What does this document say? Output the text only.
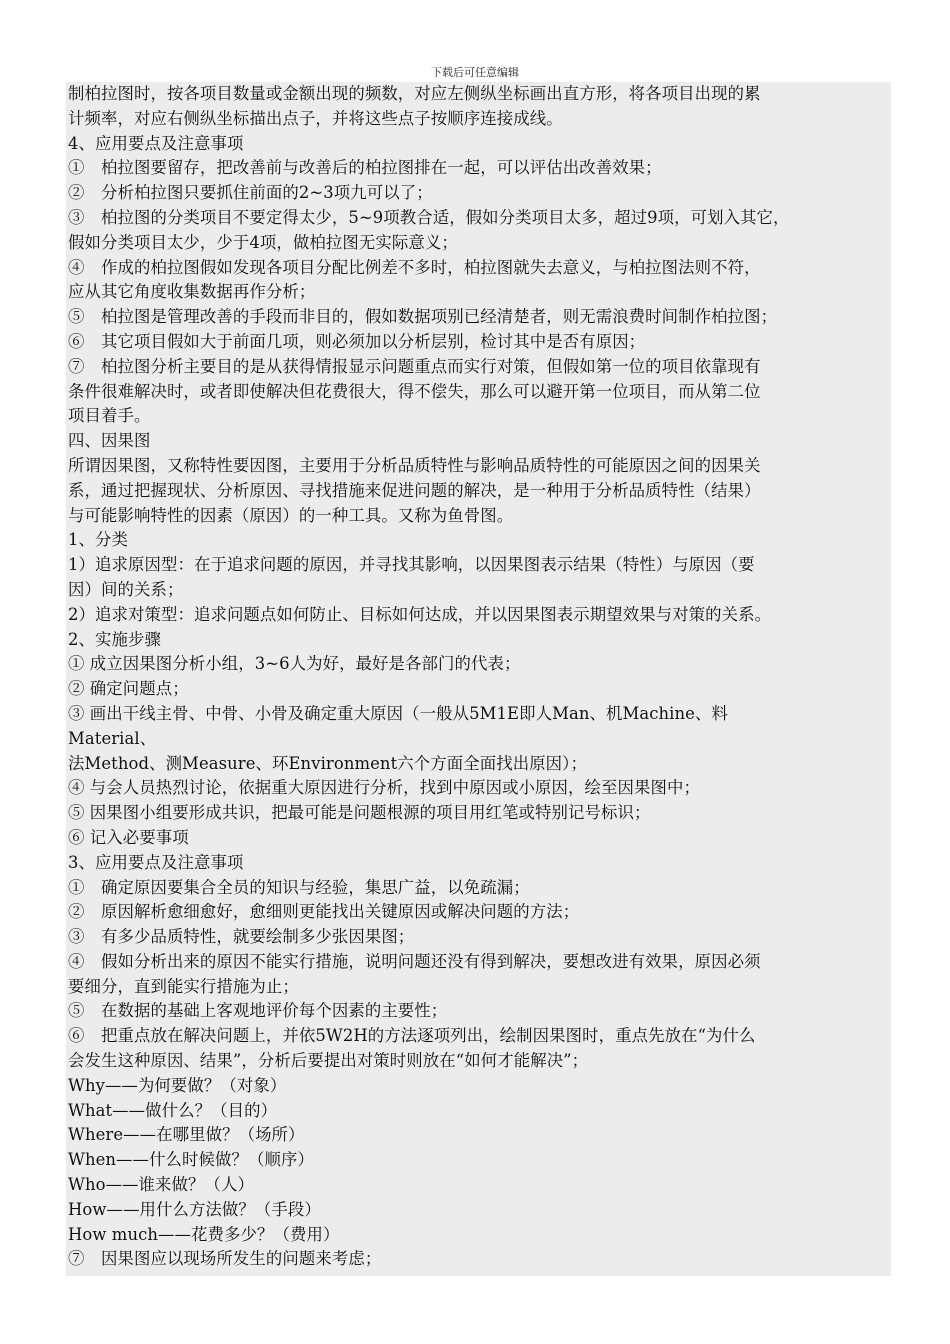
下载后可任意编辑
制柏拉图时，按各项目数量或金额出现的频数，对应左侧纵坐标画出直方形，将各项目出现的累
计频率，对应右侧纵坐标描出点子，并将这些点子按顺序连接成线。
4、应用要点及注意事项
①　柏拉图要留存，把改善前与改善后的柏拉图排在一起，可以评估出改善效果；
②　分析柏拉图只要抓住前面的2~3项九可以了；
③　柏拉图的分类项目不要定得太少，5~9项教合适，假如分类项目太多，超过9项，可划入其它，
假如分类项目太少，少于4项，做柏拉图无实际意义；
④　作成的柏拉图假如发现各项目分配比例差不多时，柏拉图就失去意义，与柏拉图法则不符，
应从其它角度收集数据再作分析；
⑤　柏拉图是管理改善的手段而非目的，假如数据项别已经清楚者，则无需浪费时间制作柏拉图；
⑥　其它项目假如大于前面几项，则必须加以分析层别，检讨其中是否有原因；
⑦　柏拉图分析主要目的是从获得情报显示问题重点而实行对策，但假如第一位的项目依靠现有
条件很难解决时，或者即使解决但花费很大，得不偿失，那么可以避开第一位项目，而从第二位
项目着手。
四、因果图
所谓因果图，又称特性要因图，主要用于分析品质特性与影响品质特性的可能原因之间的因果关
系，通过把握现状、分析原因、寻找措施来促进问题的解决，是一种用于分析品质特性（结果）
与可能影响特性的因素（原因）的一种工具。又称为鱼骨图。
1、分类
1）追求原因型：在于追求问题的原因，并寻找其影响，以因果图表示结果（特性）与原因（要
因）间的关系；
2）追求对策型：追求问题点如何防止、目标如何达成，并以因果图表示期望效果与对策的关系。
2、实施步骤
① 成立因果图分析小组，3~6人为好，最好是各部门的代表；
② 确定问题点；
③ 画出干线主骨、中骨、小骨及确定重大原因（一般从5M1E即人Man、机Machine、料
Material、
法Method、测Measure、环Environment六个方面全面找出原因）；
④ 与会人员热烈讨论，依据重大原因进行分析，找到中原因或小原因，绘至因果图中；
⑤ 因果图小组要形成共识，把最可能是问题根源的项目用红笔或特别记号标识；
⑥ 记入必要事项
3、应用要点及注意事项
①　确定原因要集合全员的知识与经验，集思广益，以免疏漏；
②　原因解析愈细愈好，愈细则更能找出关键原因或解决问题的方法；
③　有多少品质特性，就要绘制多少张因果图；
④　假如分析出来的原因不能实行措施，说明问题还没有得到解决，要想改进有效果，原因必须
要细分，直到能实行措施为止；
⑤　在数据的基础上客观地评价每个因素的主要性；
⑥　把重点放在解决问题上，并依5W2H的方法逐项列出，绘制因果图时，重点先放在“为什么
会发生这种原因、结果”，分析后要提出对策时则放在“如何才能解决”；
Why——为何要做？（对象）
What——做什么？（目的）
Where——在哪里做？（场所）
When——什么时候做？（顺序）
Who——谁来做？（人）
How——用什么方法做？（手段）
How much——花费多少？（费用）
⑦　因果图应以现场所发生的问题来考虑；
